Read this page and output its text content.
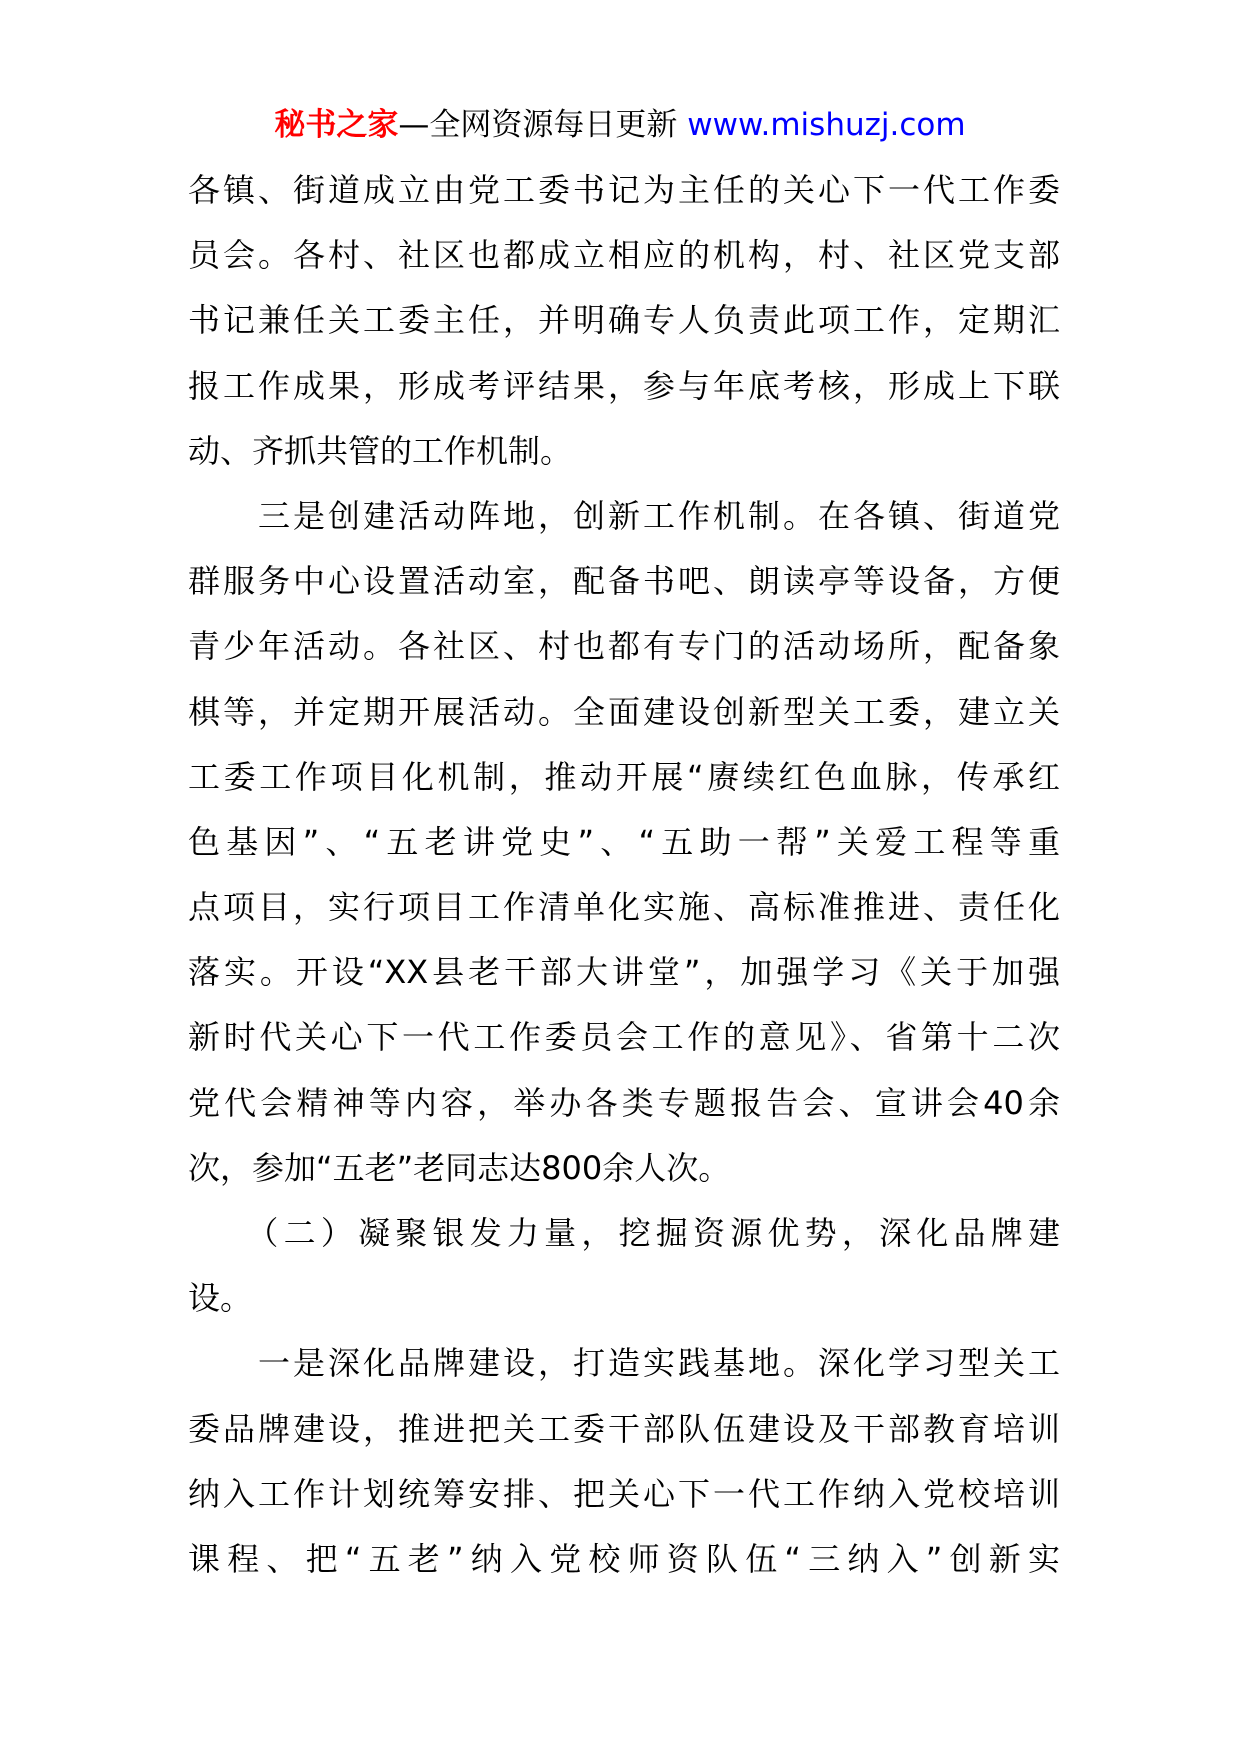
秘书之家—全网资源每日更新 www.mishuzj.com
各镇、街道成立由党工委书记为主任的关心下一代工作委
员会。各村、社区也都成立相应的机构，村、社区党支部
书记兼任关工委主任，并明确专人负责此项工作，定期汇
报工作成果，形成考评结果，参与年底考核，形成上下联
动、齐抓共管的工作机制。
　　三是创建活动阵地，创新工作机制。在各镇、街道党
群服务中心设置活动室，配备书吧、朗读亭等设备，方便
青少年活动。各社区、村也都有专门的活动场所，配备象
棋等，并定期开展活动。全面建设创新型关工委，建立关
工委工作项目化机制，推动开展“赓续红色血脉，传承红
色基因”、“五老讲党史”、“五助一帮”关爱工程等重
点项目，实行项目工作清单化实施、高标准推进、责任化
落实。开设“XX县老干部大讲堂”，加强学习《关于加强
新时代关心下一代工作委员会工作的意见》、省第十二次
党代会精神等内容，举办各类专题报告会、宣讲会40余
次，参加“五老”老同志达800余人次。
　　（二）凝聚银发力量，挖掘资源优势，深化品牌建
设。
　　一是深化品牌建设，打造实践基地。深化学习型关工
委品牌建设，推进把关工委干部队伍建设及干部教育培训
纳入工作计划统筹安排、把关心下一代工作纳入党校培训
课程、把“五老”纳入党校师资队伍“三纳入”创新实
